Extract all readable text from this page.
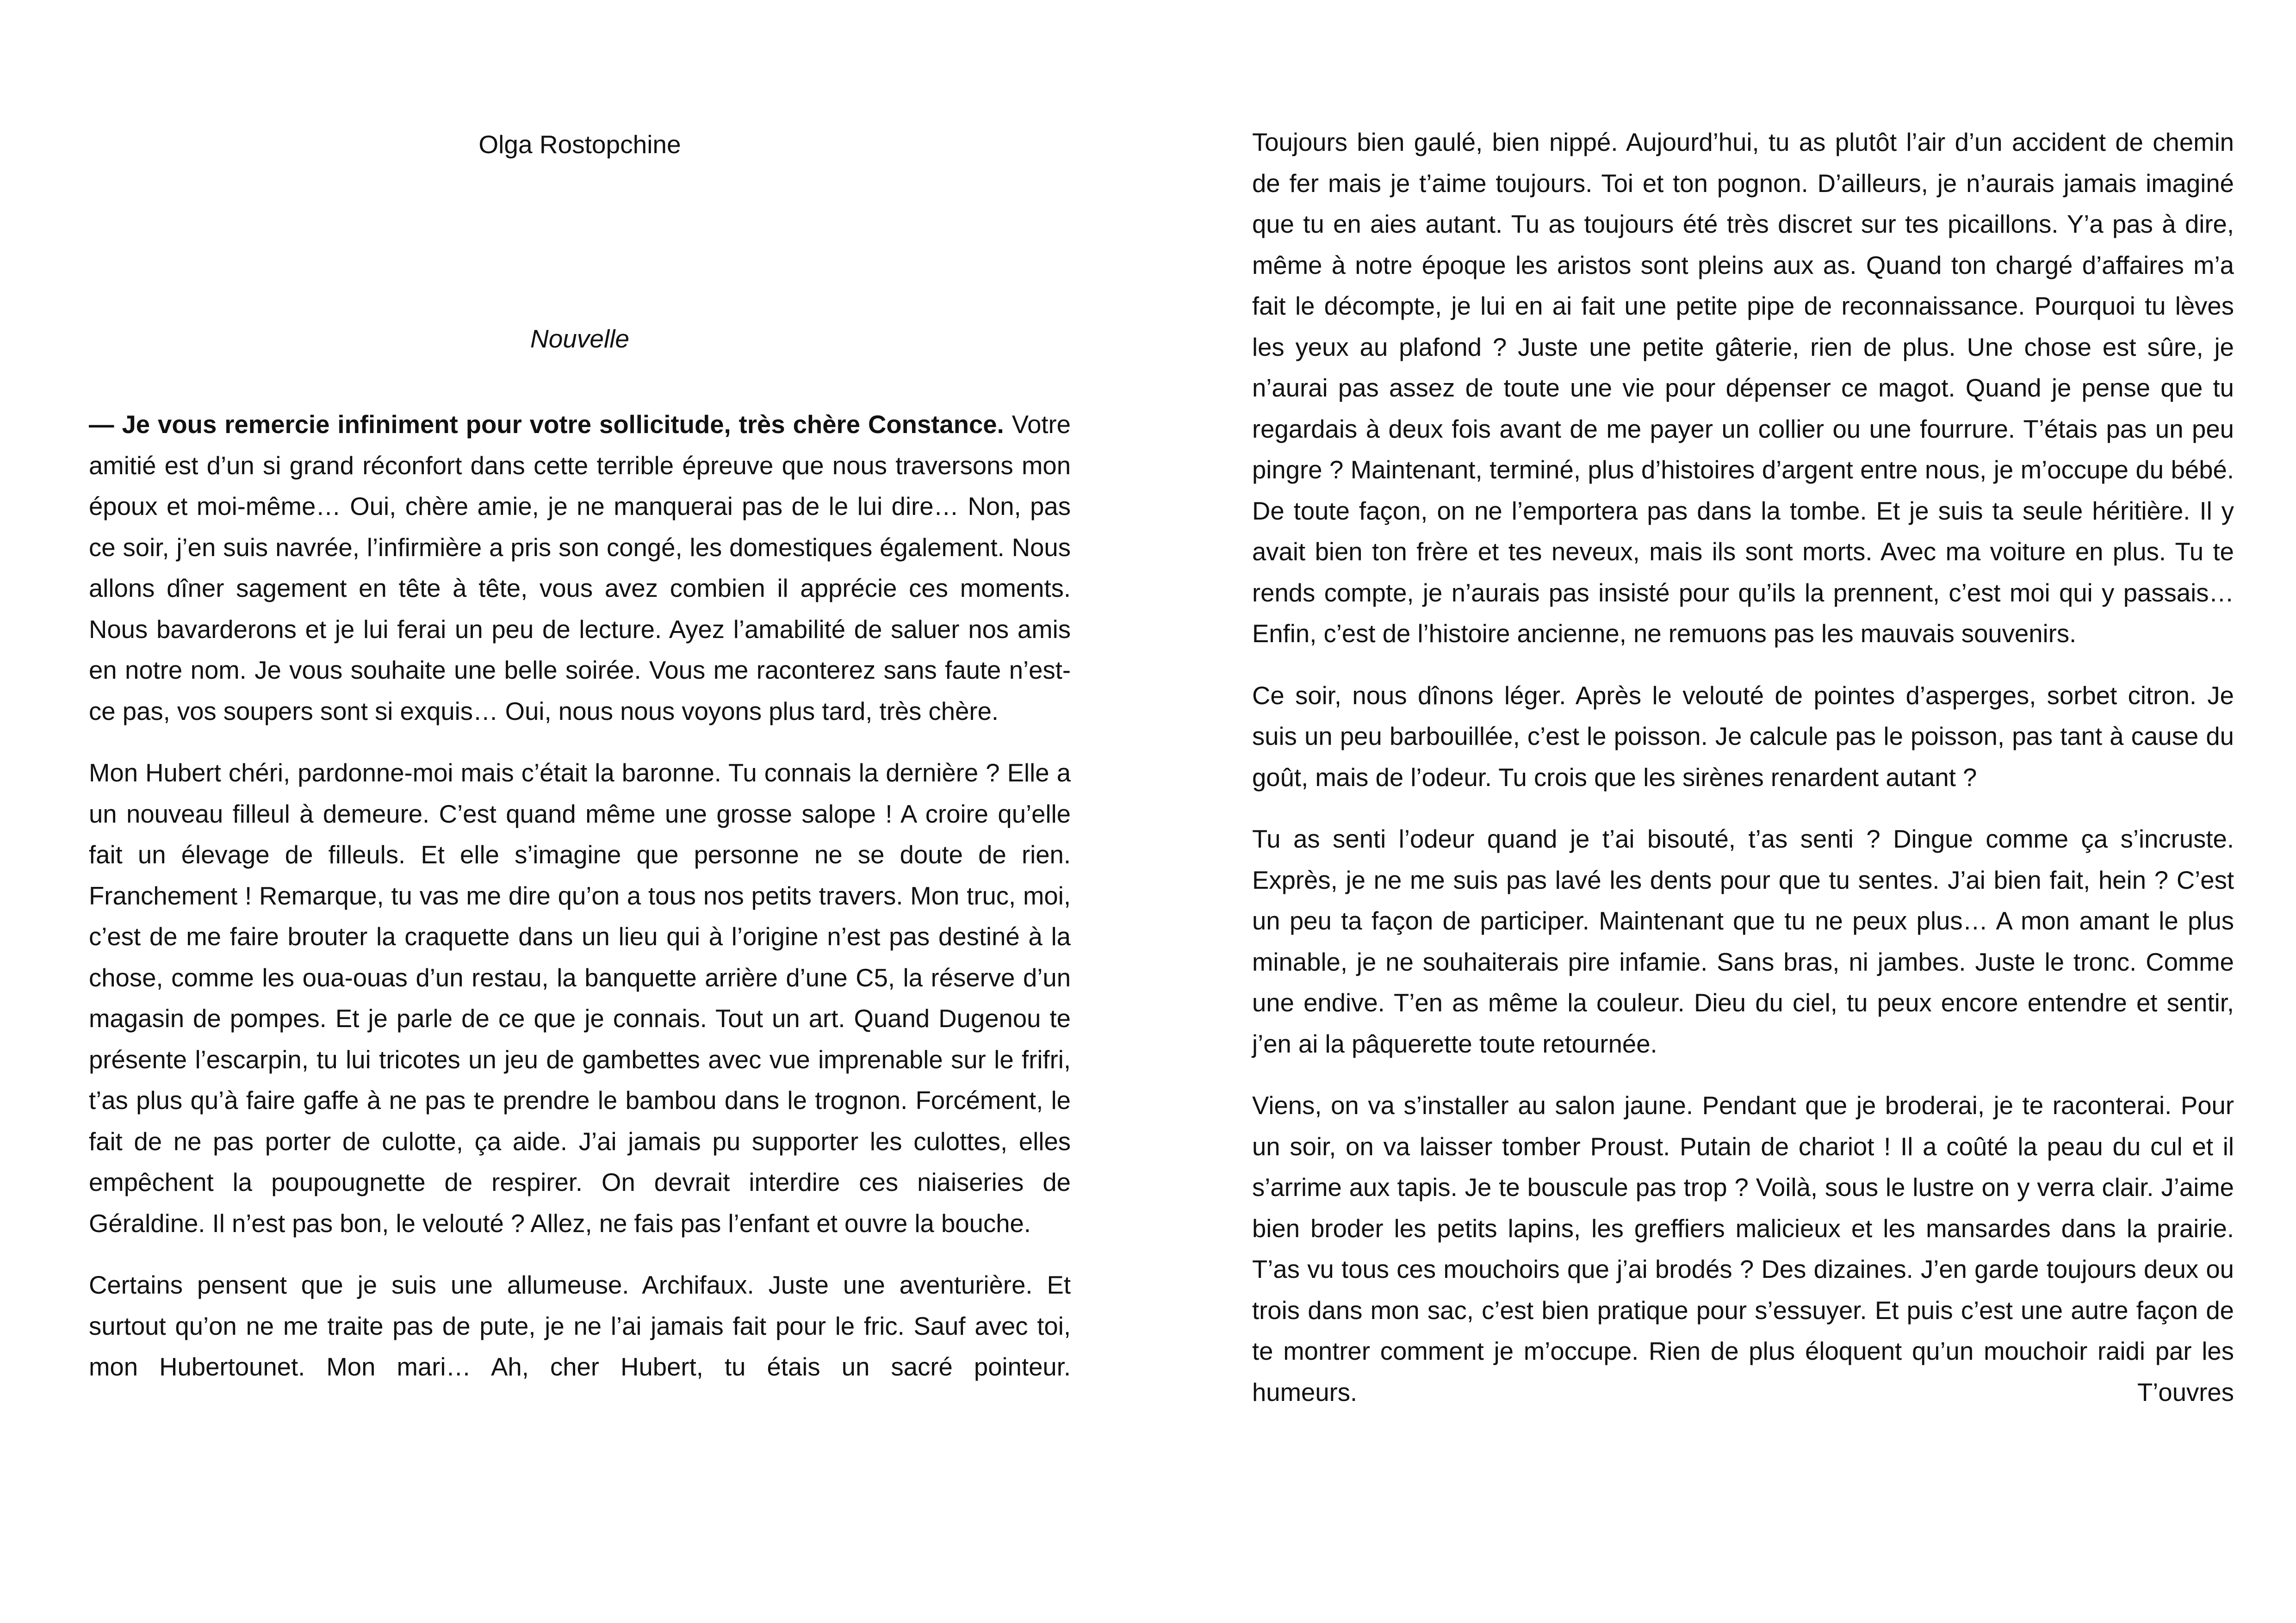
Olga Rostopchine

Nouvelle

— Je vous remercie infiniment pour votre sollicitude, très chère Constance. Votre amitié est d’un si grand réconfort dans cette terrible épreuve que nous traversons mon époux et moi-même… Oui, chère amie, je ne manquerai pas de le lui dire… Non, pas ce soir, j’en suis navrée, l’infirmière a pris son congé, les domestiques également. Nous allons dîner sagement en tête à tête, vous avez combien il apprécie ces moments. Nous bavarderons et je lui ferai un peu de lecture. Ayez l’amabilité de saluer nos amis en notre nom. Je vous souhaite une belle soirée. Vous me raconterez sans faute n’est-ce pas, vos soupers sont si exquis… Oui, nous nous voyons plus tard, très chère.

Mon Hubert chéri, pardonne-moi mais c’était la baronne. Tu connais la dernière ? Elle a un nouveau filleul à demeure. C’est quand même une grosse salope ! A croire qu’elle fait un élevage de filleuls. Et elle s’imagine que personne ne se doute de rien. Franchement ! Remarque, tu vas me dire qu’on a tous nos petits travers. Mon truc, moi, c’est de me faire brouter la craquette dans un lieu qui à l’origine n’est pas destiné à la chose, comme les oua-ouas d’un restau, la banquette arrière d’une C5, la réserve d’un magasin de pompes. Et je parle de ce que je connais. Tout un art. Quand Dugenou te présente l’escarpin, tu lui tricotes un jeu de gambettes avec vue imprenable sur le frifri, t’as plus qu’à faire gaffe à ne pas te prendre le bambou dans le trognon. Forcément, le fait de ne pas porter de culotte, ça aide. J’ai jamais pu supporter les culottes, elles empêchent la poupougnette de respirer. On devrait interdire ces niaiseries de Géraldine. Il n’est pas bon, le velouté ? Allez, ne fais pas l’enfant et ouvre la bouche.

Certains pensent que je suis une allumeuse. Archifaux. Juste une aventurière. Et surtout qu’on ne me traite pas de pute, je ne l’ai jamais fait pour le fric. Sauf avec toi, mon Hubertounet. Mon mari… Ah, cher Hubert, tu étais un sacré pointeur.

Toujours bien gaulé, bien nippé. Aujourd’hui, tu as plutôt l’air d’un accident de chemin de fer mais je t’aime toujours. Toi et ton pognon. D’ailleurs, je n’aurais jamais imaginé que tu en aies autant. Tu as toujours été très discret sur tes picaillons. Y’a pas à dire, même à notre époque les aristos sont pleins aux as. Quand ton chargé d’affaires m’a fait le décompte, je lui en ai fait une petite pipe de reconnaissance. Pourquoi tu lèves les yeux au plafond ? Juste une petite gâterie, rien de plus. Une chose est sûre, je n’aurai pas assez de toute une vie pour dépenser ce magot. Quand je pense que tu regardais à deux fois avant de me payer un collier ou une fourrure. T’étais pas un peu pingre ? Maintenant, terminé, plus d’histoires d’argent entre nous, je m’occupe du bébé. De toute façon, on ne l’emportera pas dans la tombe. Et je suis ta seule héritière. Il y avait bien ton frère et tes neveux, mais ils sont morts. Avec ma voiture en plus. Tu te rends compte, je n’aurais pas insisté pour qu’ils la prennent, c’est moi qui y passais… Enfin, c’est de l’histoire ancienne, ne remuons pas les mauvais souvenirs.

Ce soir, nous dînons léger. Après le velouté de pointes d’asperges, sorbet citron. Je suis un peu barbouillée, c’est le poisson. Je calcule pas le poisson, pas tant à cause du goût, mais de l’odeur. Tu crois que les sirènes renardent autant ?

Tu as senti l’odeur quand je t’ai bisouté, t’as senti ? Dingue comme ça s’incruste. Exprès, je ne me suis pas lavé les dents pour que tu sentes. J’ai bien fait, hein ? C’est un peu ta façon de participer. Maintenant que tu ne peux plus… A mon amant le plus minable, je ne souhaiterais pire infamie. Sans bras, ni jambes. Juste le tronc. Comme une endive. T’en as même la couleur. Dieu du ciel, tu peux encore entendre et sentir, j’en ai la pâquerette toute retournée.

Viens, on va s’installer au salon jaune. Pendant que je broderai, je te raconterai. Pour un soir, on va laisser tomber Proust. Putain de chariot ! Il a coûté la peau du cul et il s’arrime aux tapis. Je te bouscule pas trop ? Voilà, sous le lustre on y verra clair. J’aime bien broder les petits lapins, les greffiers malicieux et les mansardes dans la prairie. T’as vu tous ces mouchoirs que j’ai brodés ? Des dizaines. J’en garde toujours deux ou trois dans mon sac, c’est bien pratique pour s’essuyer. Et puis c’est une autre façon de te montrer comment je m’occupe. Rien de plus éloquent qu’un mouchoir raidi par les humeurs. T’ouvres
